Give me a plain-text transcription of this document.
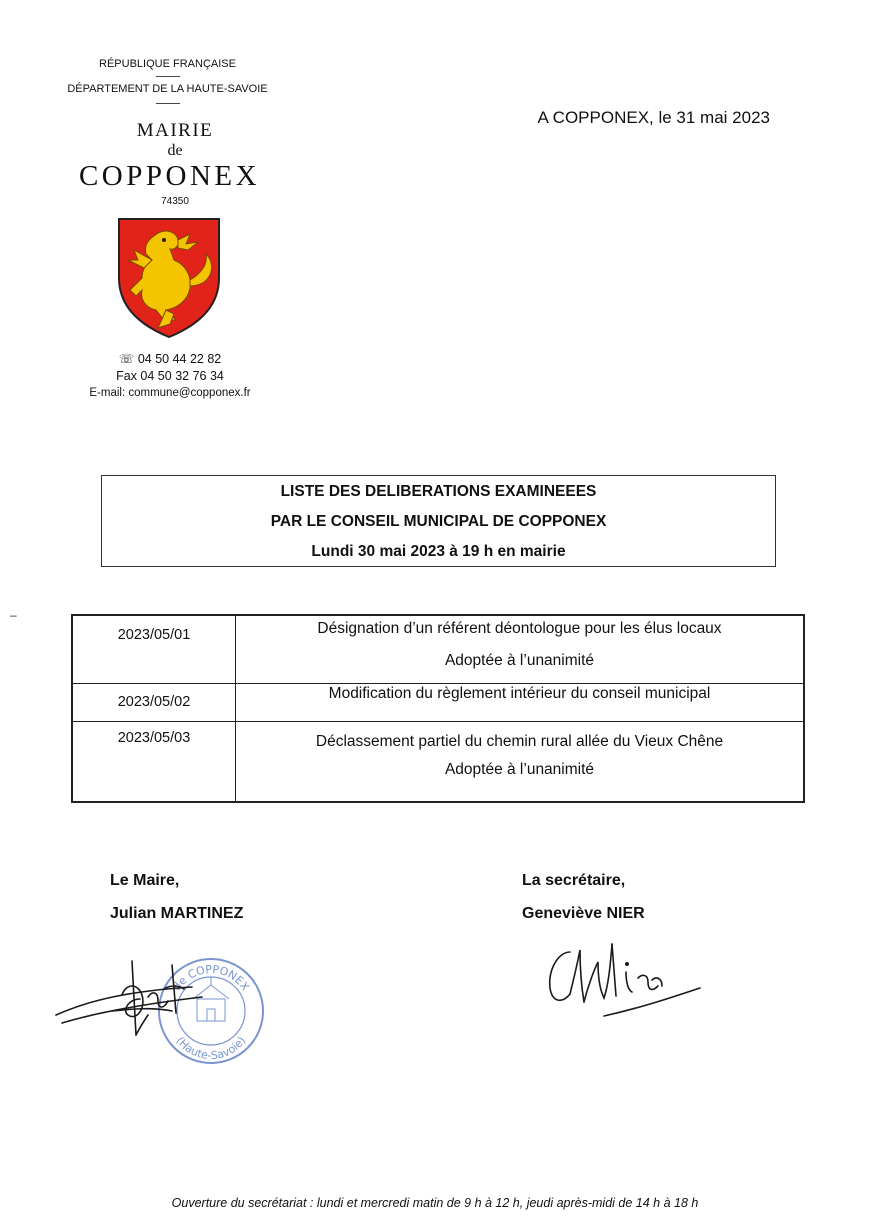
RÉPUBLIQUE FRANÇAISE
DÉPARTEMENT DE LA HAUTE-SAVOIE
MAIRIE
de
COPPONEX
74350
☏ 04 50 44 22 82
Fax 04 50 32 76 34
E-mail: commune@copponex.fr
A COPPONEX, le 31 mai 2023
LISTE DES DELIBERATIONS EXAMINEEES
PAR LE CONSEIL MUNICIPAL DE COPPONEX
Lundi 30 mai 2023 à 19 h en mairie
–
2023/05/01	Désignation d’un référent déontologue pour les élus locaux
Adoptée à l’unanimité
2023/05/02	Modification du règlement intérieur du conseil municipal
2023/05/03	Déclassement partiel du chemin rural allée du Vieux Chêne
Adoptée à l’unanimité
Le Maire,
Julian MARTINEZ
La secrétaire,
Geneviève NIER
de COPPONEX
(Haute-Savoie)
Ouverture du secrétariat : lundi et mercredi matin de 9 h à 12 h, jeudi après-midi de 14 h à 18 h
